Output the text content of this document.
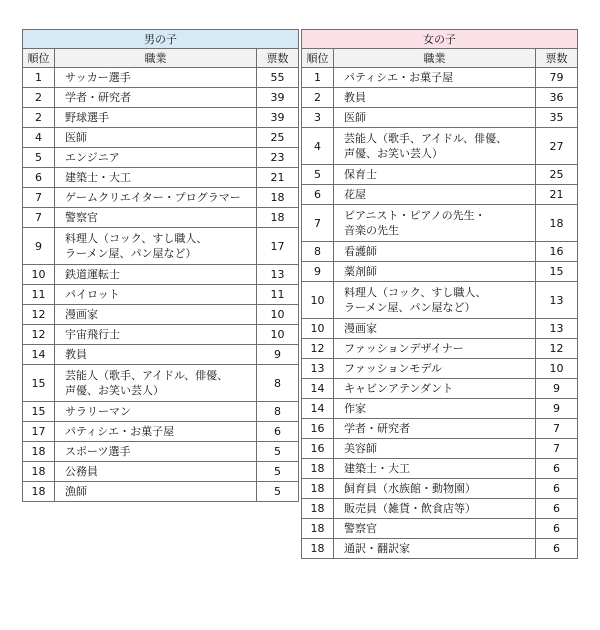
男の子		
順位	職業	票数
1	サッカー選手	55
2	学者・研究者	39
2	野球選手	39
4	医師	25
5	エンジニア	23
6	建築士・大工	21
7	ゲームクリエイター・プログラマー	18
7	警察官	18
9	料理人（コック、すし職人、
ラーメン屋、パン屋など）	17
10	鉄道運転士	13
11	パイロット	11
12	漫画家	10
12	宇宙飛行士	10
14	教員	9
15	芸能人（歌手、アイドル、俳優、
声優、お笑い芸人）	8
15	サラリーマン	8
17	パティシエ・お菓子屋	6
18	スポーツ選手	5
18	公務員	5
18	漁師	5
女の子		
順位	職業	票数
1	パティシエ・お菓子屋	79
2	教員	36
3	医師	35
4	芸能人（歌手、アイドル、俳優、
声優、お笑い芸人）	27
5	保育士	25
6	花屋	21
7	ピアニスト・ピアノの先生・
音楽の先生	18
8	看護師	16
9	薬剤師	15
10	料理人（コック、すし職人、
ラーメン屋、パン屋など）	13
10	漫画家	13
12	ファッションデザイナー	12
13	ファッションモデル	10
14	キャビンアテンダント	9
14	作家	9
16	学者・研究者	7
16	美容師	7
18	建築士・大工	6
18	飼育員（水族館・動物園）	6
18	販売員（雑貨・飲食店等）	6
18	警察官	6
18	通訳・翻訳家	6
